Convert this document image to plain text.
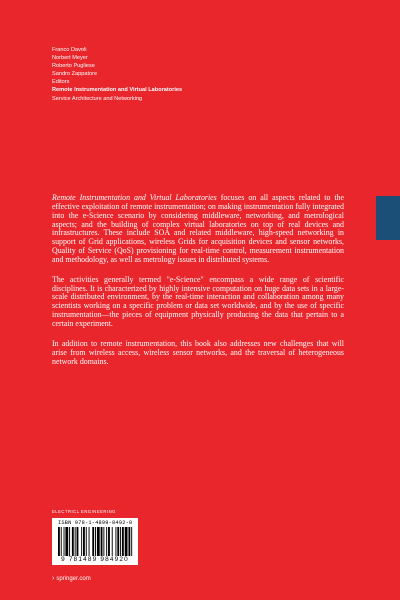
Franco Davoli
Norbert Meyer
Roberto Pugliese
Sandro Zappatore
Editors
Remote Instrumentation and Virtual Laboratories
Service Architecture and Networking

Remote Instrumentation and Virtual Laboratories focuses on all aspects related to the effective exploitation of remote instrumentation; on making instrumentation fully integrated into the e-Science scenario by considering middleware, networking, and metrological aspects; and the building of complex virtual laboratories on top of real devices and infrastructures. These include SOA and related middleware, high-speed networking in support of Grid applications, wireless Grids for acquisition devices and sensor networks, Quality of Service (QoS) provisioning for real-time control, measurement instrumentation and methodology, as well as metrology issues in distributed systems.

The activities generally termed "e-Science" encompass a wide range of scientific disciplines. It is characterized by highly intensive computation on huge data sets in a large-scale distributed environment, by the real-time interaction and collaboration among many scientists working on a specific problem or data set worldwide, and by the use of specific instrumentation—the pieces of equipment physically producing the data that pertain to a certain experiment.

In addition to remote instrumentation, this book also addresses new challenges that will arise from wireless access, wireless sensor networks, and the traversal of heterogeneous network domains.

ELECTRICL ENGINEERING
ISBN 978-1-4899-8492-0
9 781489 984920
› springer.com
